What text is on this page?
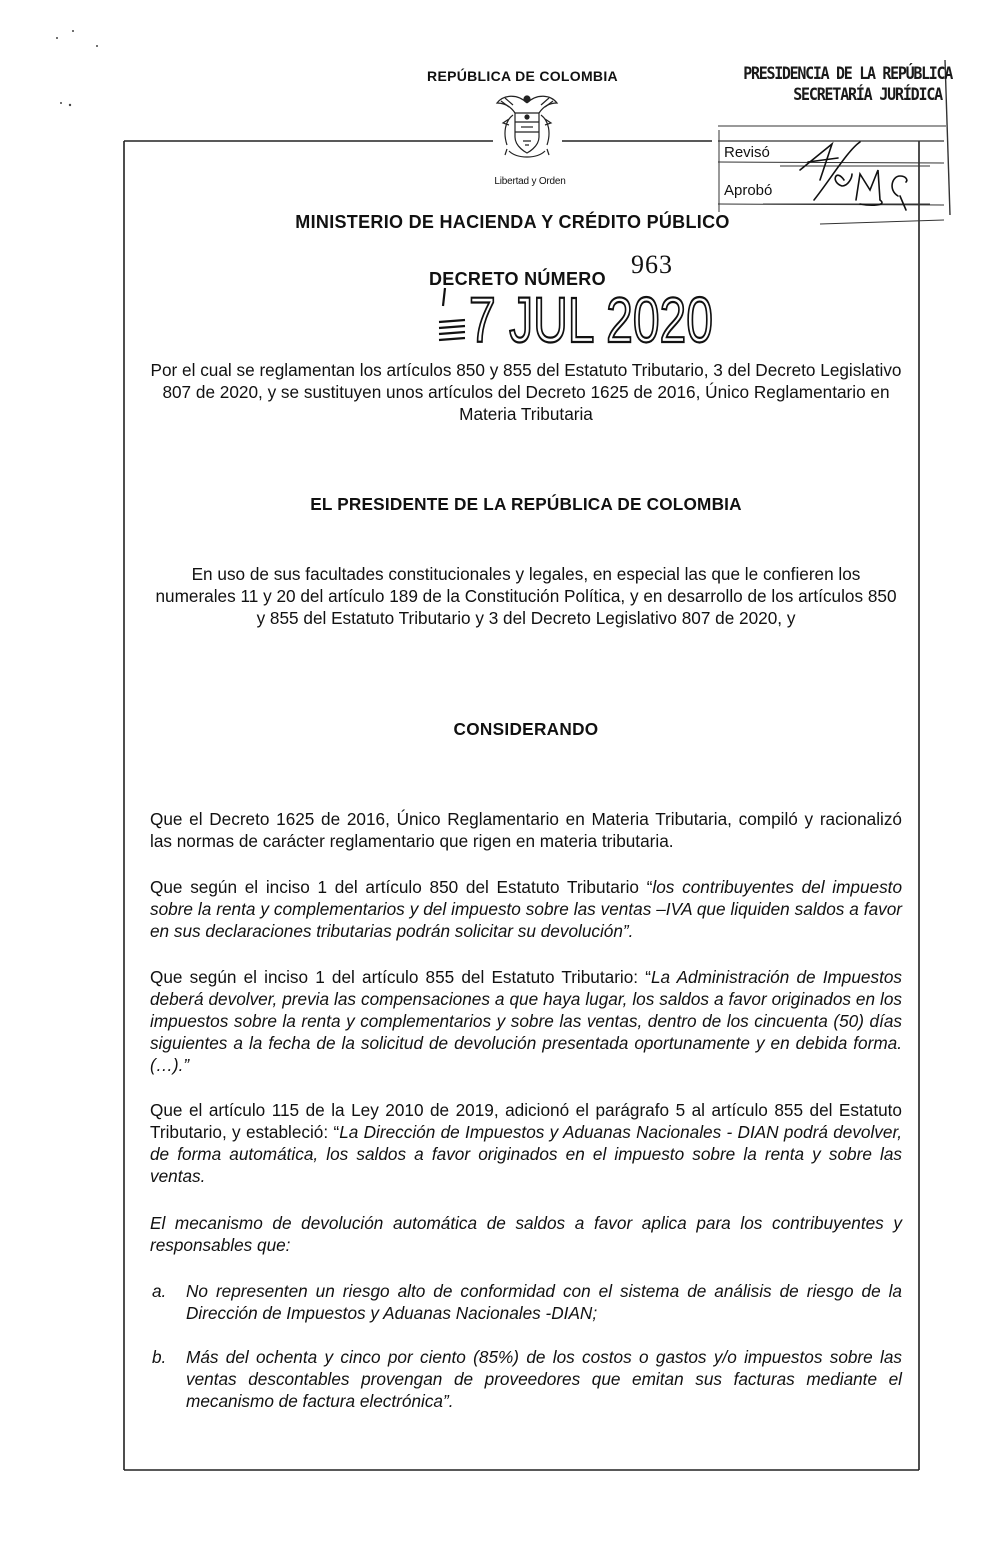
REPÚBLICA DE COLOMBIA
Libertad y Orden
PRESIDENCIA DE LA REPÚBLICA
SECRETARÍA JURÍDICA
Revisó
Aprobó
MINISTERIO DE HACIENDA Y CRÉDITO PÚBLICO
DECRETO NÚMERO 963
7 JUL 2020
Por el cual se reglamentan los artículos 850 y 855 del Estatuto Tributario, 3 del Decreto Legislativo 807 de 2020, y se sustituyen unos artículos del Decreto 1625 de 2016, Único Reglamentario en Materia Tributaria
EL PRESIDENTE DE LA REPÚBLICA DE COLOMBIA
En uso de sus facultades constitucionales y legales, en especial las que le confieren los numerales 11 y 20 del artículo 189 de la Constitución Política, y en desarrollo de los artículos 850 y 855 del Estatuto Tributario y 3 del Decreto Legislativo 807 de 2020, y
CONSIDERANDO
Que el Decreto 1625 de 2016, Único Reglamentario en Materia Tributaria, compiló y racionalizó las normas de carácter reglamentario que rigen en materia tributaria.
Que según el inciso 1 del artículo 850 del Estatuto Tributario “los contribuyentes del impuesto sobre la renta y complementarios y del impuesto sobre las ventas –IVA que liquiden saldos a favor en sus declaraciones tributarias podrán solicitar su devolución”.
Que según el inciso 1 del artículo 855 del Estatuto Tributario: “La Administración de Impuestos deberá devolver, previa las compensaciones a que haya lugar, los saldos a favor originados en los impuestos sobre la renta y complementarios y sobre las ventas, dentro de los cincuenta (50) días siguientes a la fecha de la solicitud de devolución presentada oportunamente y en debida forma. (…).”
Que el artículo 115 de la Ley 2010 de 2019, adicionó el parágrafo 5 al artículo 855 del Estatuto Tributario, y estableció: “La Dirección de Impuestos y Aduanas Nacionales - DIAN podrá devolver, de forma automática, los saldos a favor originados en el impuesto sobre la renta y sobre las ventas.
El mecanismo de devolución automática de saldos a favor aplica para los contribuyentes y responsables que:
a. No representen un riesgo alto de conformidad con el sistema de análisis de riesgo de la Dirección de Impuestos y Aduanas Nacionales -DIAN;
b. Más del ochenta y cinco por ciento (85%) de los costos o gastos y/o impuestos sobre las ventas descontables provengan de proveedores que emitan sus facturas mediante el mecanismo de factura electrónica”.
